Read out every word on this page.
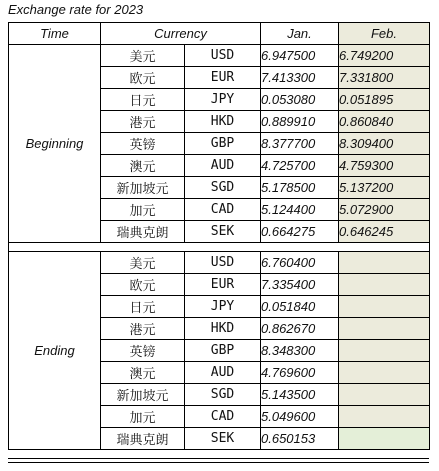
Exchange rate for 2023
Time	Currency		Jan.	Feb.
Beginning	美元	USD	6.947500	6.749200
	欧元	EUR	7.413300	7.331800
	日元	JPY	0.053080	0.051895
	港元	HKD	0.889910	0.860840
	英镑	GBP	8.377700	8.309400
	澳元	AUD	4.725700	4.759300
	新加坡元	SGD	5.178500	5.137200
	加元	CAD	5.124400	5.072900
	瑞典克朗	SEK	0.664275	0.646245

Ending	美元	USD	6.760400	
	欧元	EUR	7.335400	
	日元	JPY	0.051840	
	港元	HKD	0.862670	
	英镑	GBP	8.348300	
	澳元	AUD	4.769600	
	新加坡元	SGD	5.143500	
	加元	CAD	5.049600	
	瑞典克朗	SEK	0.650153	
